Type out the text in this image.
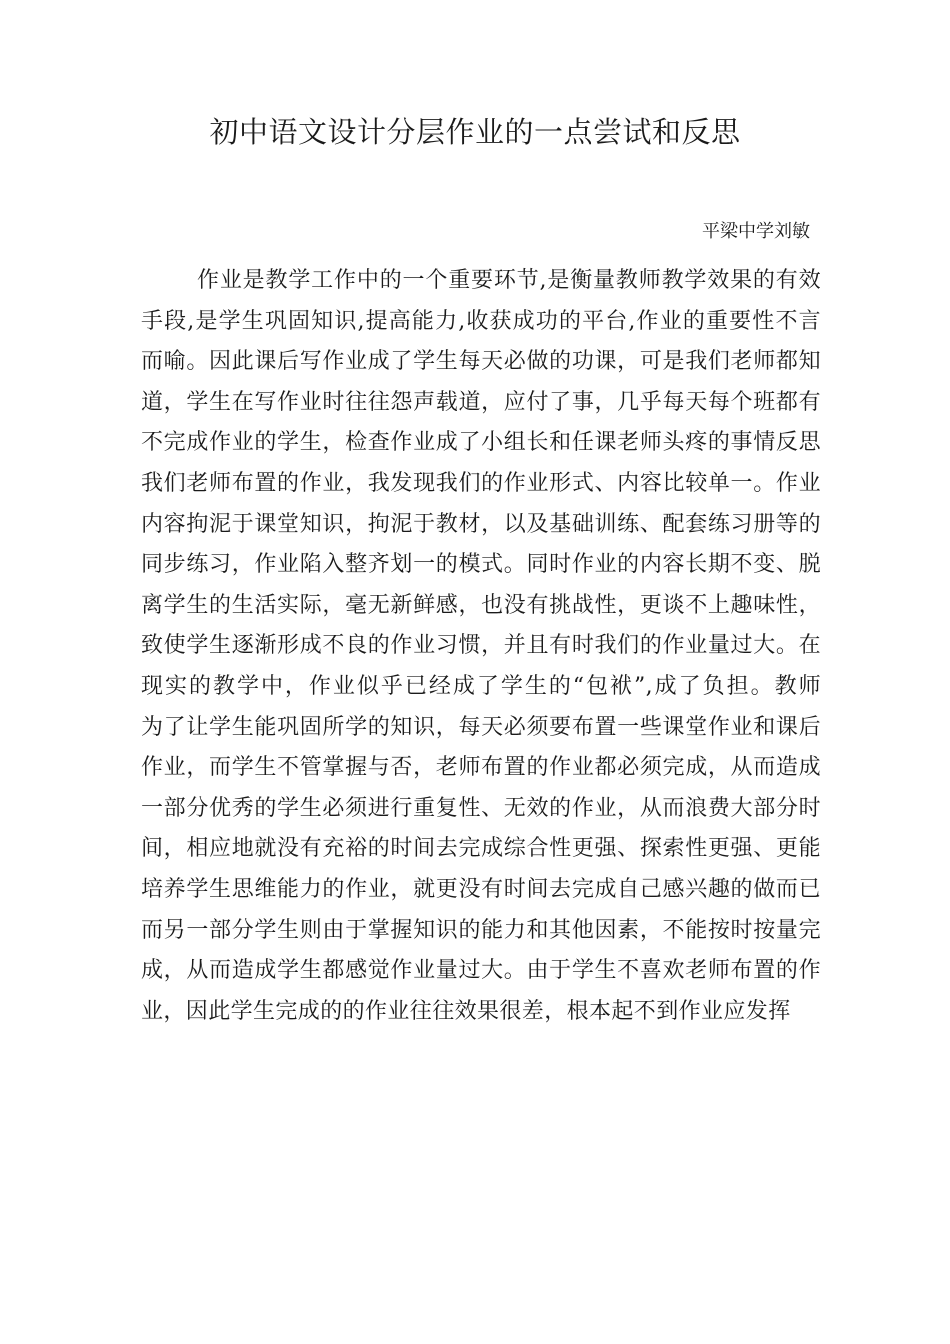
初中语文设计分层作业的一点尝试和反思

平梁中学刘敏

作业是教学工作中的一个重要环节,是衡量教师教学效果的有效
手段,是学生巩固知识,提高能力,收获成功的平台,作业的重要性不言
而喻。因此课后写作业成了学生每天必做的功课，可是我们老师都知
道，学生在写作业时往往怨声载道，应付了事，几乎每天每个班都有
不完成作业的学生，检查作业成了小组长和任课老师头疼的事情反思
我们老师布置的作业，我发现我们的作业形式、内容比较单一。作业
内容拘泥于课堂知识，拘泥于教材，以及基础训练、配套练习册等的
同步练习，作业陷入整齐划一的模式。同时作业的内容长期不变、脱
离学生的生活实际，毫无新鲜感，也没有挑战性，更谈不上趣味性，
致使学生逐渐形成不良的作业习惯，并且有时我们的作业量过大。在
现实的教学中，作业似乎已经成了学生的“包袱”,成了负担。教师
为了让学生能巩固所学的知识，每天必须要布置一些课堂作业和课后
作业，而学生不管掌握与否，老师布置的作业都必须完成，从而造成
一部分优秀的学生必须进行重复性、无效的作业，从而浪费大部分时
间，相应地就没有充裕的时间去完成综合性更强、探索性更强、更能
培养学生思维能力的作业，就更没有时间去完成自己感兴趣的做而已
而另一部分学生则由于掌握知识的能力和其他因素，不能按时按量完
成，从而造成学生都感觉作业量过大。由于学生不喜欢老师布置的作
业，因此学生完成的的作业往往效果很差，根本起不到作业应发挥
